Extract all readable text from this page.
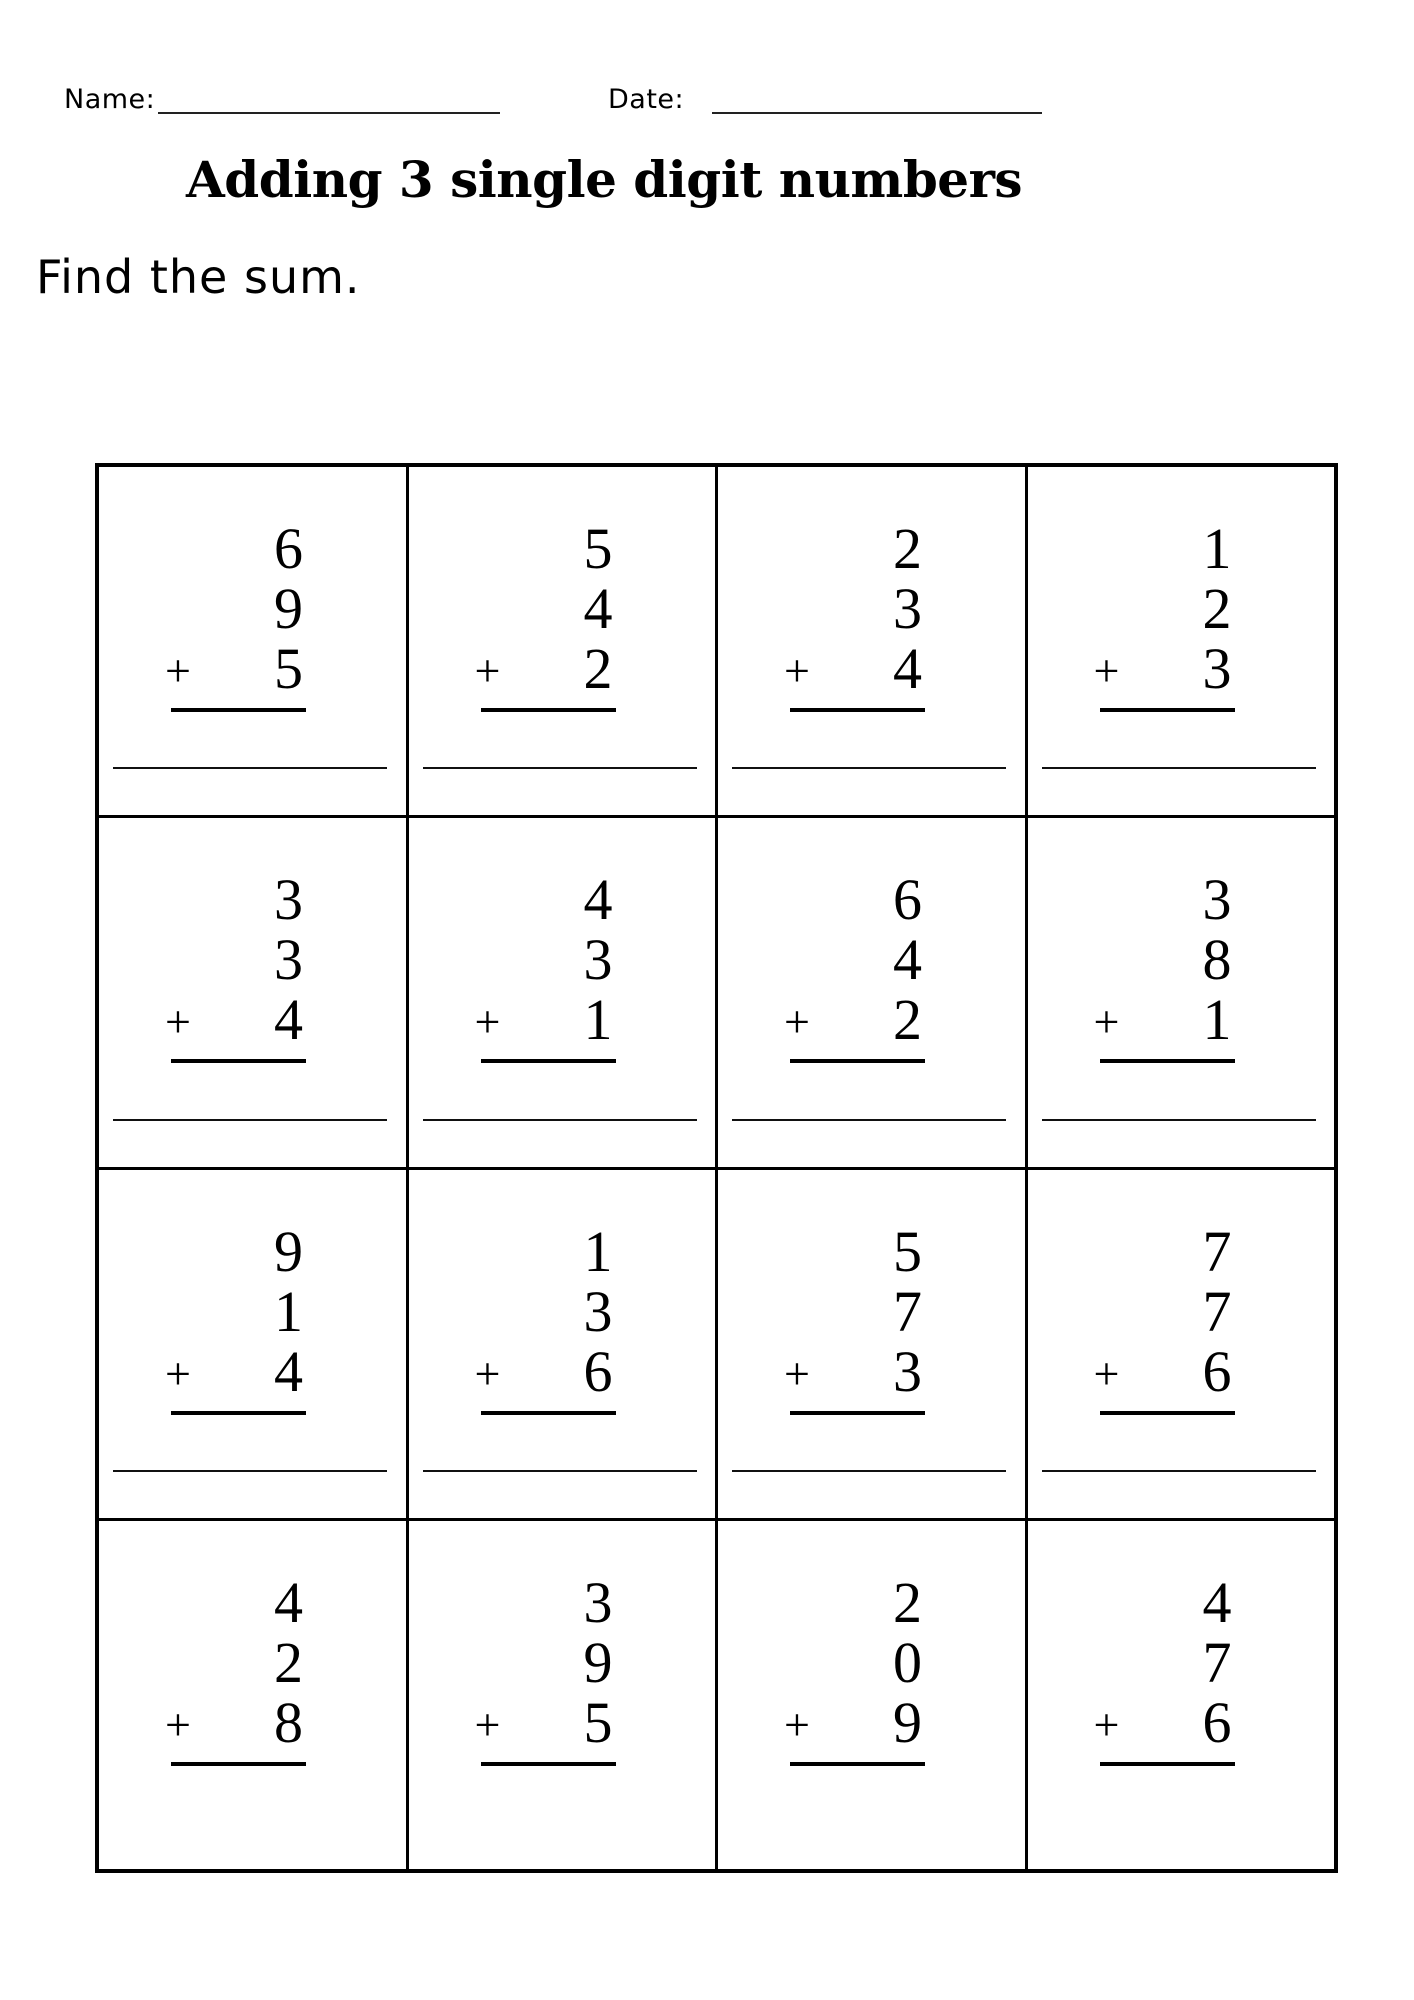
Name:	Date:
Adding 3 single digit numbers
Find the sum.
6
9
+ 5
5
4
+ 2
2
3
+ 4
1
2
+ 3
3
3
+ 4
4
3
+ 1
6
4
+ 2
3
8
+ 1
9
1
+ 4
1
3
+ 6
5
7
+ 3
7
7
+ 6
4
2
+ 8
3
9
+ 5
2
0
+ 9
4
7
+ 6
